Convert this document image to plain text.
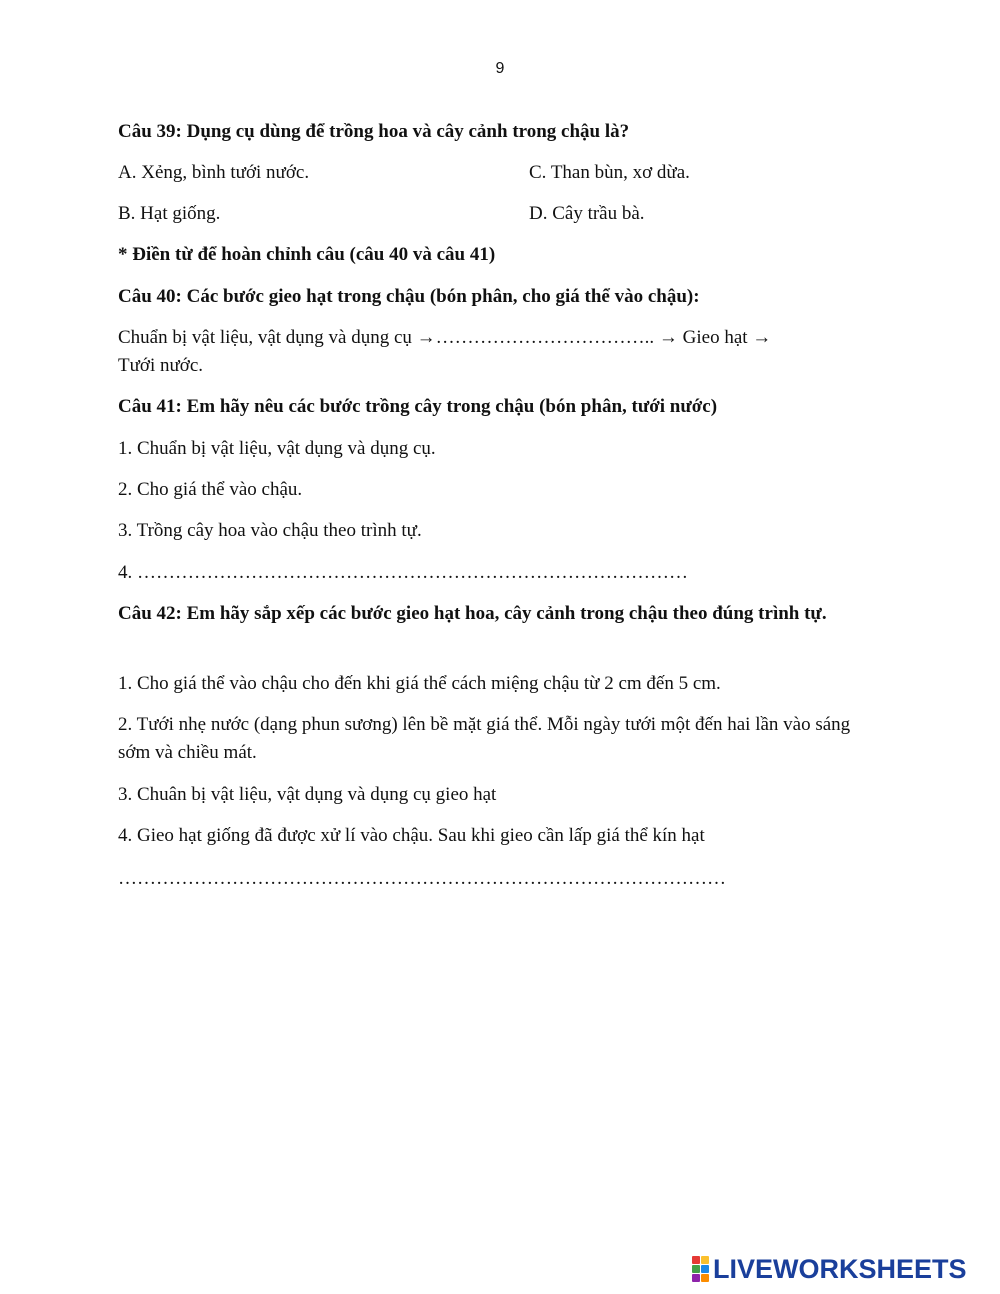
9
Câu 39: Dụng cụ dùng để trồng hoa và cây cảnh trong chậu là?
A. Xẻng, bình tưới nước.	C. Than bùn, xơ dừa.
B. Hạt giống.	D. Cây trầu bà.
* Điền từ để hoàn chỉnh câu (câu 40 và câu 41)
Câu 40: Các bước gieo hạt trong chậu (bón phân, cho giá thể vào chậu):
Chuẩn bị vật liệu, vật dụng và dụng cụ →…………………………….. → Gieo hạt →
Tưới nước.
Câu 41: Em hãy nêu các bước trồng cây trong chậu (bón phân, tưới nước)
1. Chuẩn bị vật liệu, vật dụng và dụng cụ.
2. Cho giá thể vào chậu.
3. Trồng cây hoa vào chậu theo trình tự.
4. ……………………………………………………………………………
Câu 42: Em hãy sắp xếp các bước gieo hạt hoa, cây cảnh trong chậu theo đúng trình tự.
1. Cho giá thể vào chậu cho đến khi giá thể cách miệng chậu từ 2 cm đến 5 cm.
2. Tưới nhẹ nước (dạng phun sương) lên bề mặt giá thể. Mỗi ngày tưới một đến hai lần vào sáng sớm và chiều mát.
3. Chuân bị vật liệu, vật dụng và dụng cụ gieo hạt
4. Gieo hạt giống đã được xử lí vào chậu. Sau khi gieo cần lấp giá thể kín hạt
……………………………………………………………………………………
LIVEWORKSHEETS
